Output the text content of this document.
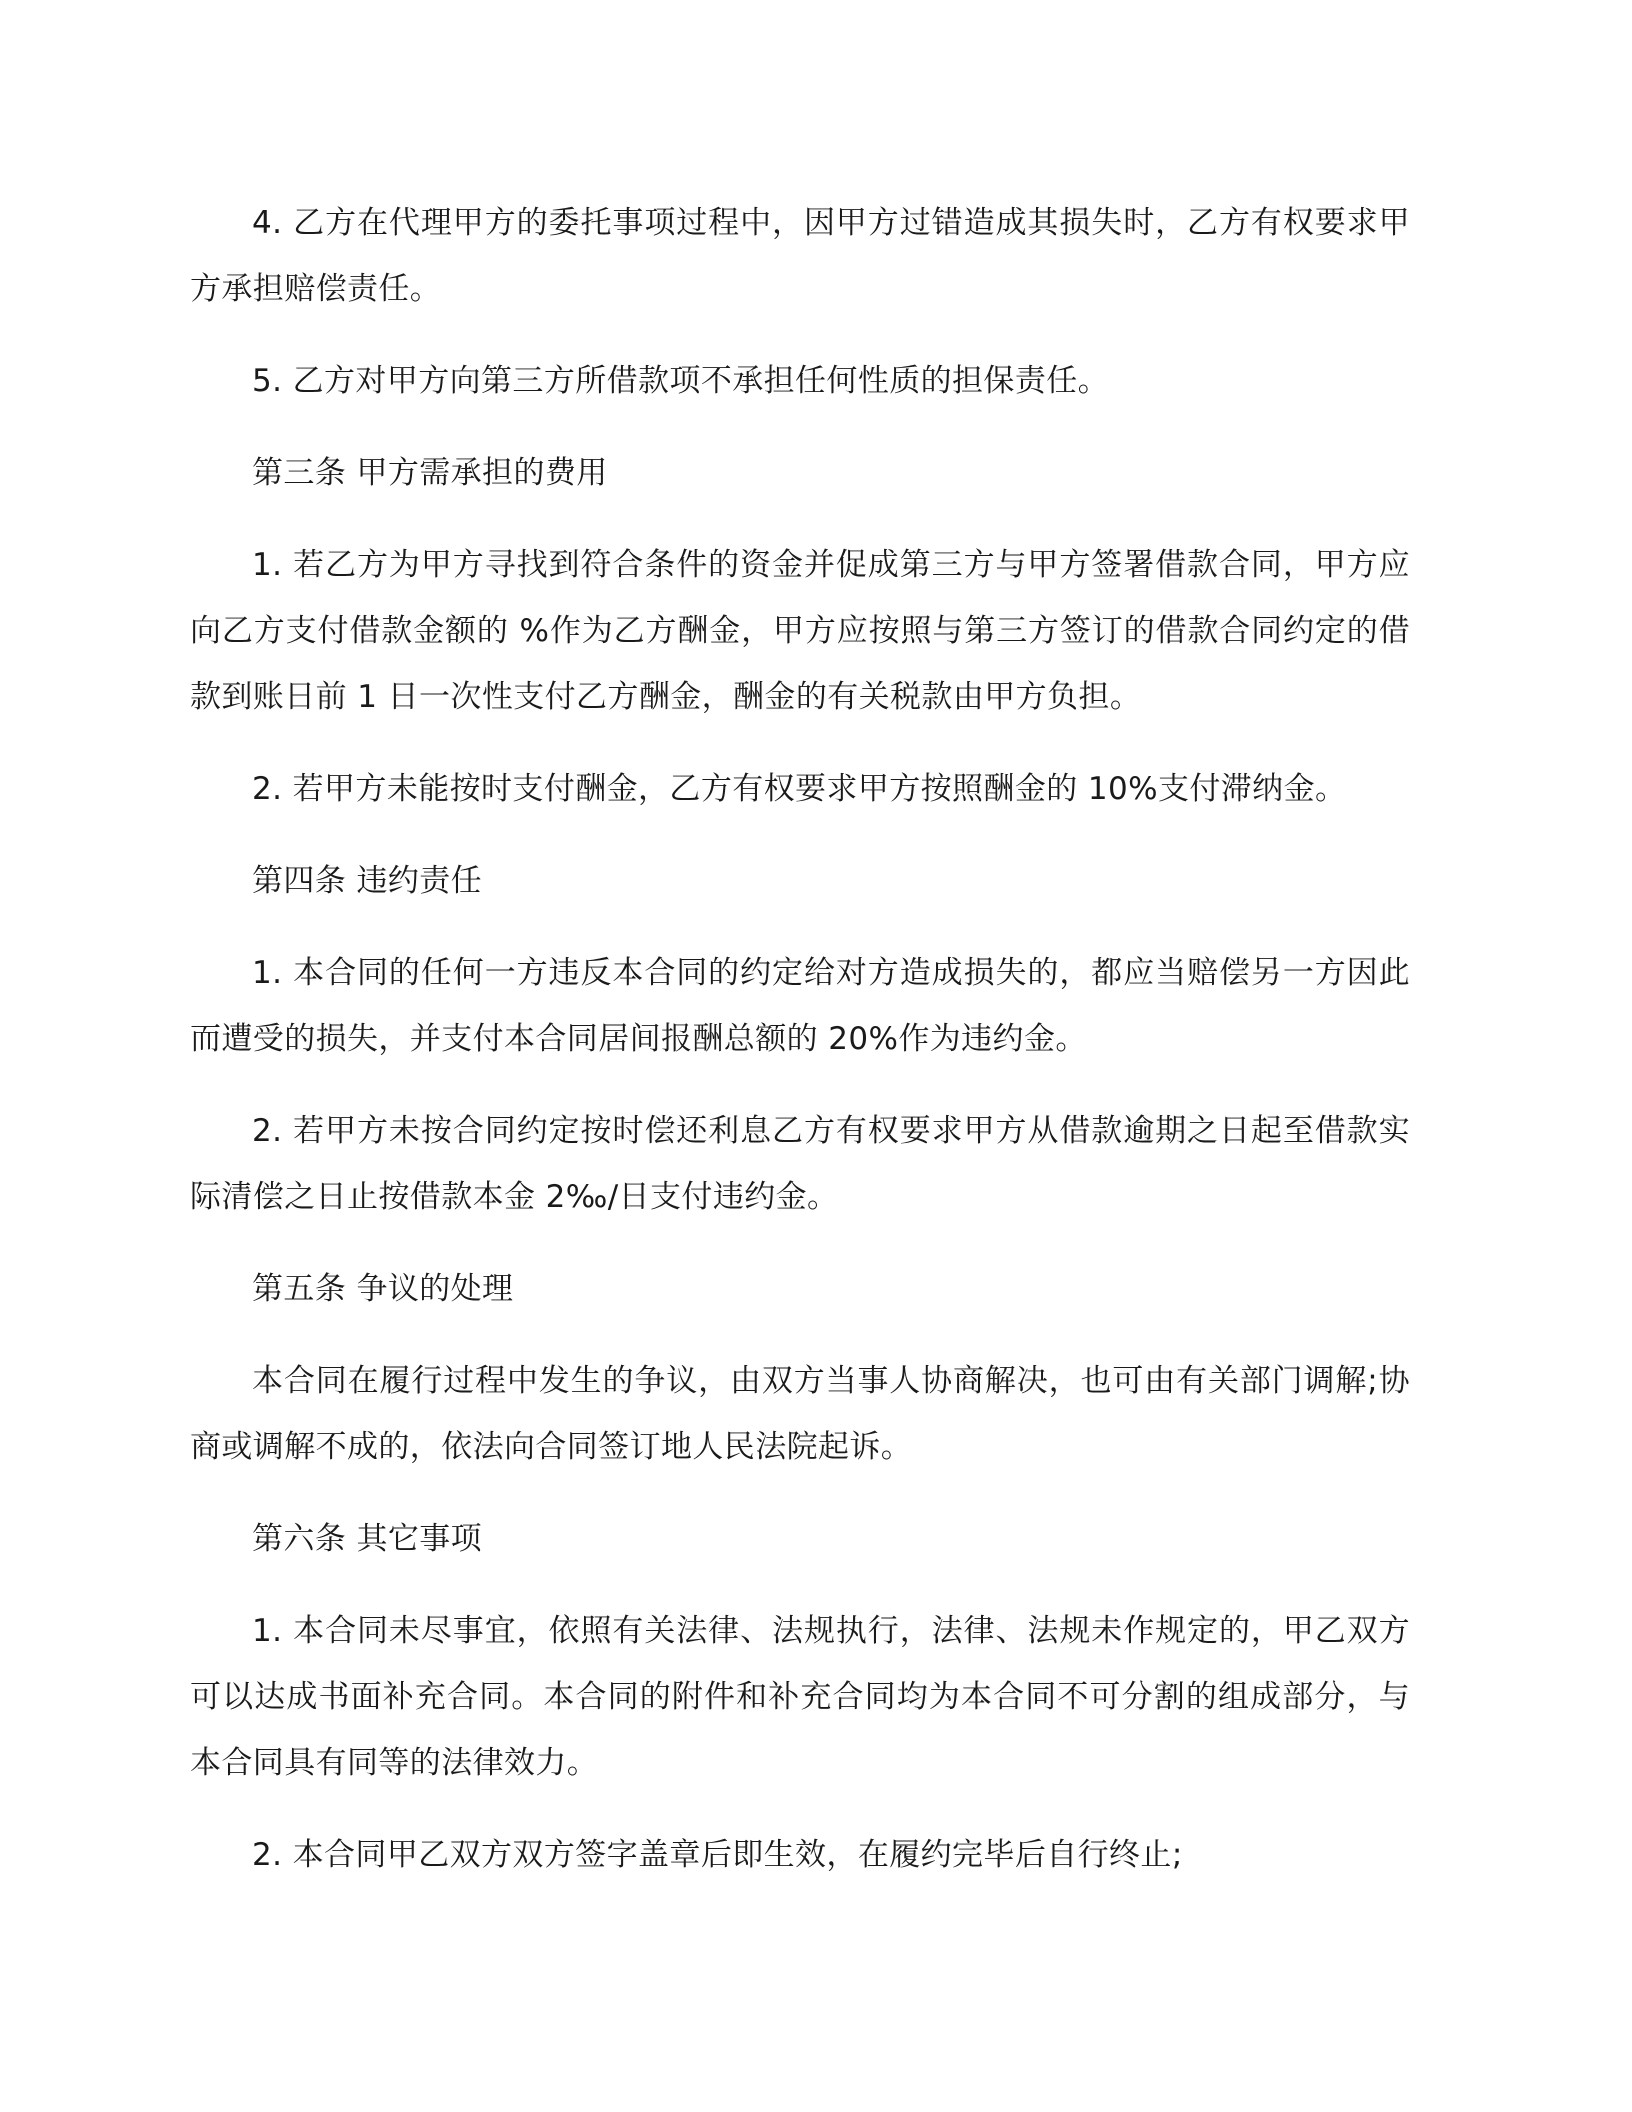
4. 乙方在代理甲方的委托事项过程中，因甲方过错造成其损失时，乙方有权要求甲方承担赔偿责任。

5. 乙方对甲方向第三方所借款项不承担任何性质的担保责任。

第三条 甲方需承担的费用

1. 若乙方为甲方寻找到符合条件的资金并促成第三方与甲方签署借款合同，甲方应向乙方支付借款金额的 %作为乙方酬金，甲方应按照与第三方签订的借款合同约定的借款到账日前 1 日一次性支付乙方酬金，酬金的有关税款由甲方负担。

2. 若甲方未能按时支付酬金，乙方有权要求甲方按照酬金的 10%支付滞纳金。

第四条 违约责任

1. 本合同的任何一方违反本合同的约定给对方造成损失的，都应当赔偿另一方因此而遭受的损失，并支付本合同居间报酬总额的 20%作为违约金。

2. 若甲方未按合同约定按时偿还利息乙方有权要求甲方从借款逾期之日起至借款实际清偿之日止按借款本金 2‰/日支付违约金。

第五条 争议的处理

本合同在履行过程中发生的争议，由双方当事人协商解决，也可由有关部门调解;协商或调解不成的，依法向合同签订地人民法院起诉。

第六条 其它事项

1. 本合同未尽事宜，依照有关法律、法规执行，法律、法规未作规定的，甲乙双方可以达成书面补充合同。本合同的附件和补充合同均为本合同不可分割的组成部分，与本合同具有同等的法律效力。

2. 本合同甲乙双方双方签字盖章后即生效，在履约完毕后自行终止;
